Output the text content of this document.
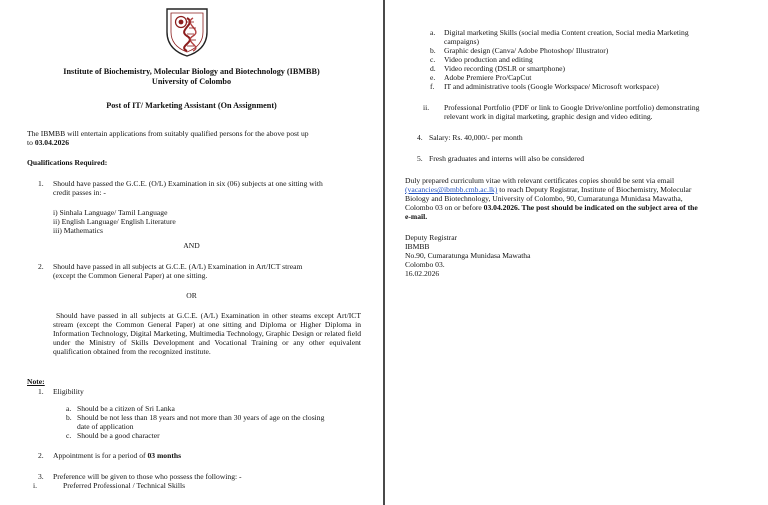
Institute of Biochemistry, Molecular Biology and Biotechnology (IBMBB)
University of Colombo
Post of IT/ Marketing Assistant (On Assignment)
The IBMBB will entertain applications from suitably qualified persons for the above post up
to 03.04.2026
Qualifications Required:
1. Should have passed the G.C.E. (O/L) Examination in six (06) subjects at one sitting with
credit passes in: -
i) Sinhala Language/ Tamil Language
ii) English Language/ English Literature
iii) Mathematics
AND
2. Should have passed in all subjects at G.C.E. (A/L) Examination in Art/ICT stream
(except the Common General Paper) at one sitting.
OR
Should have passed in all subjects at G.C.E. (A/L) Examination in other steams except Art/ICT stream (except the Common General Paper) at one sitting and Diploma or Higher Diploma in Information Technology, Digital Marketing, Multimedia Technology, Graphic Design or related field under the Ministry of Skills Development and Vocational Training or any other equivalent qualification obtained from the recognized institute.
Note:
1. Eligibility
a. Should be a citizen of Sri Lanka
b. Should be not less than 18 years and not more than 30 years of age on the closing
date of application
c. Should be a good character
2. Appointment is for a period of 03 months
3. Preference will be given to those who possess the following: -
i.	Preferred Professional / Technical Skills
a. Digital marketing Skills (social media Content creation, Social media Marketing
campaigns)
b. Graphic design (Canva/ Adobe Photoshop/ Illustrator)
c. Video production and editing
d. Video recording (DSLR or smartphone)
e. Adobe Premiere Pro/CapCut
f. IT and administrative tools (Google Workspace/ Microsoft workspace)
ii. Professional Portfolio (PDF or link to Google Drive/online portfolio) demonstrating
relevant work in digital marketing, graphic design and video editing.
4. Salary: Rs. 40,000/- per month
5. Fresh graduates and interns will also be considered
Duly prepared curriculum vitae with relevant certificates copies should be sent via email
(vacancies@ibmbb.cmb.ac.lk) to reach Deputy Registrar, Institute of Biochemistry, Molecular
Biology and Biotechnology, University of Colombo, 90, Cumaratunga Munidasa Mawatha,
Colombo 03 on or before 03.04.2026. The post should be indicated on the subject area of the
e-mail.
Deputy Registrar
IBMBB
No.90, Cumaratunga Munidasa Mawatha
Colombo 03.
16.02.2026
